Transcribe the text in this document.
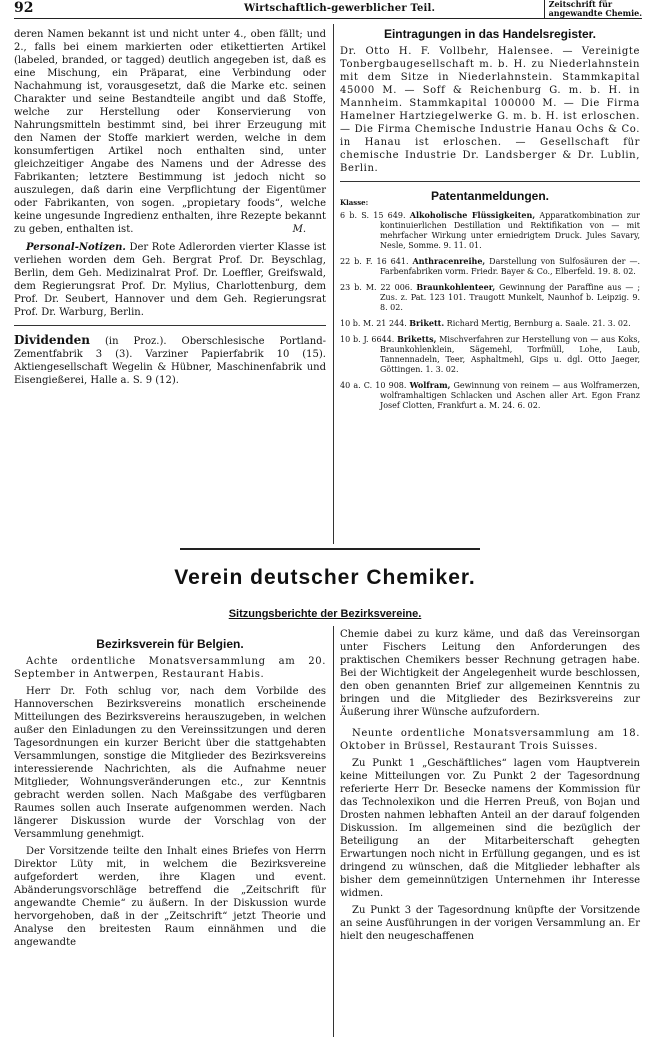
92	Wirtschaftlich-gewerblicher Teil.	Zeitschrift für
angewandte Chemie.

deren Namen bekannt ist und nicht unter 4., oben fällt; und 2., falls bei einem markierten oder etikettierten Artikel (labeled, branded, or tagged) deutlich angegeben ist, daß es eine Mischung, ein Präparat, eine Verbindung oder Nachahmung ist, vorausgesetzt, daß die Marke etc. seinen Charakter und seine Bestandteile angibt und daß Stoffe, welche zur Herstellung oder Konservierung von Nahrungsmitteln bestimmt sind, bei ihrer Erzeugung mit den Namen der Stoffe markiert werden, welche in dem konsumfertigen Artikel noch enthalten sind, unter gleichzeitiger Angabe des Namens und der Adresse des Fabrikanten; letztere Bestimmung ist jedoch nicht so auszulegen, daß darin eine Verpflichtung der Eigentümer oder Fabrikanten, von sogen. „propietary foods“, welche keine ungesunde Ingredienz enthalten, ihre Rezepte bekannt zu geben, enthalten ist.	M.

Personal-Notizen. Der Rote Adlerorden vierter Klasse ist verliehen worden dem Geh. Bergrat Prof. Dr. Beyschlag, Berlin, dem Geh. Medizinalrat Prof. Dr. Loeffler, Greifswald, dem Regierungsrat Prof. Dr. Mylius, Charlottenburg, dem Prof. Dr. Seubert, Hannover und dem Geh. Regierungsrat Prof. Dr. Warburg, Berlin.

Dividenden (in Proz.). Oberschlesische Portland-Zementfabrik 3 (3). Varziner Papierfabrik 10 (15). Aktiengesellschaft Wegelin & Hübner, Maschinenfabrik und Eisengießerei, Halle a. S. 9 (12).

Eintragungen in das Handelsregister.

Dr. Otto H. F. Vollbehr, Halensee. — Vereinigte Tonbergbaugesellschaft m. b. H. zu Niederlahnstein mit dem Sitze in Niederlahnstein. Stammkapital 45000 M. — Soff & Reichenburg G. m. b. H. in Mannheim. Stammkapital 100000 M. — Die Firma Hamelner Hartziegelwerke G. m. b. H. ist erloschen. — Die Firma Chemische Industrie Hanau Ochs & Co. in Hanau ist erloschen. — Gesellschaft für chemische Industrie Dr. Landsberger & Dr. Lublin, Berlin.

Klasse:	Patentanmeldungen.

6 b. S. 15 649. Alkoholische Flüssigkeiten, Apparatkombination zur kontinuierlichen Destillation und Rektifikation von — mit mehrfacher Wirkung unter erniedrigtem Druck. Jules Savary, Nesle, Somme. 9. 11. 01.

22 b. F. 16 641. Anthracenreihe, Darstellung von Sulfosäuren der —. Farbenfabriken vorm. Friedr. Bayer & Co., Elberfeld. 19. 8. 02.

23 b. M. 22 006. Braunkohlenteer, Gewinnung der Paraffine aus — ; Zus. z. Pat. 123 101. Traugott Munkelt, Naunhof b. Leipzig. 9. 8. 02.

10 b. M. 21 244. Brikett. Richard Mertig, Bernburg a. Saale. 21. 3. 02.

10 b. J. 6644. Briketts, Mischverfahren zur Herstellung von — aus Koks, Braunkohlenklein, Sägemehl, Torfmüll, Lohe, Laub, Tannennadeln, Teer, Asphaltmehl, Gips u. dgl. Otto Jaeger, Göttingen. 1. 3. 02.

40 a. C. 10 908. Wolfram, Gewinnung von reinem — aus Wolframerzen, wolframhaltigen Schlacken und Aschen aller Art. Egon Franz Josef Clotten, Frankfurt a. M. 24. 6. 02.

Verein deutscher Chemiker.
Sitzungsberichte der Bezirksvereine.
Bezirksverein für Belgien.

Achte ordentliche Monatsversammlung am 20. September in Antwerpen, Restaurant Habis.

Herr Dr. Foth schlug vor, nach dem Vorbilde des Hannoverschen Bezirksvereins monatlich erscheinende Mitteilungen des Bezirksvereins herauszugeben, in welchen außer den Einladungen zu den Vereinssitzungen und deren Tagesordnungen ein kurzer Bericht über die stattgehabten Versammlungen, sonstige die Mitglieder des Bezirksvereins interessierende Nachrichten, als die Aufnahme neuer Mitglieder, Wohnungsveränderungen etc., zur Kenntnis gebracht werden sollen. Nach Maßgabe des verfügbaren Raumes sollen auch Inserate aufgenommen werden. Nach längerer Diskussion wurde der Vorschlag von der Versammlung genehmigt.

Der Vorsitzende teilte den Inhalt eines Briefes von Herrn Direktor Lüty mit, in welchem die Bezirksvereine aufgefordert werden, ihre Klagen und event. Abänderungsvorschläge betreffend die „Zeitschrift für angewandte Chemie“ zu äußern. In der Diskussion wurde hervorgehoben, daß in der „Zeitschrift“ jetzt Theorie und Analyse den breitesten Raum einnähmen und die angewandte

Chemie dabei zu kurz käme, und daß das Vereinsorgan unter Fischers Leitung den Anforderungen des praktischen Chemikers besser Rechnung getragen habe. Bei der Wichtigkeit der Angelegenheit wurde beschlossen, den oben genannten Brief zur allgemeinen Kenntnis zu bringen und die Mitglieder des Bezirksvereins zur Äußerung ihrer Wünsche aufzufordern.

Neunte ordentliche Monatsversammlung am 18. Oktober in Brüssel, Restaurant Trois Suisses.

Zu Punkt 1 „Geschäftliches“ lagen vom Hauptverein keine Mitteilungen vor. Zu Punkt 2 der Tagesordnung referierte Herr Dr. Besecke namens der Kommission für das Technolexikon und die Herren Preuß, von Bojan und Drosten nahmen lebhaften Anteil an der darauf folgenden Diskussion. Im allgemeinen sind die bezüglich der Beteiligung an der Mitarbeiterschaft gehegten Erwartungen noch nicht in Erfüllung gegangen, und es ist dringend zu wünschen, daß die Mitglieder lebhafter als bisher dem gemeinnützigen Unternehmen ihr Interesse widmen.

Zu Punkt 3 der Tagesordnung knüpfte der Vorsitzende an seine Ausführungen in der vorigen Versammlung an. Er hielt den neugeschaffenen
